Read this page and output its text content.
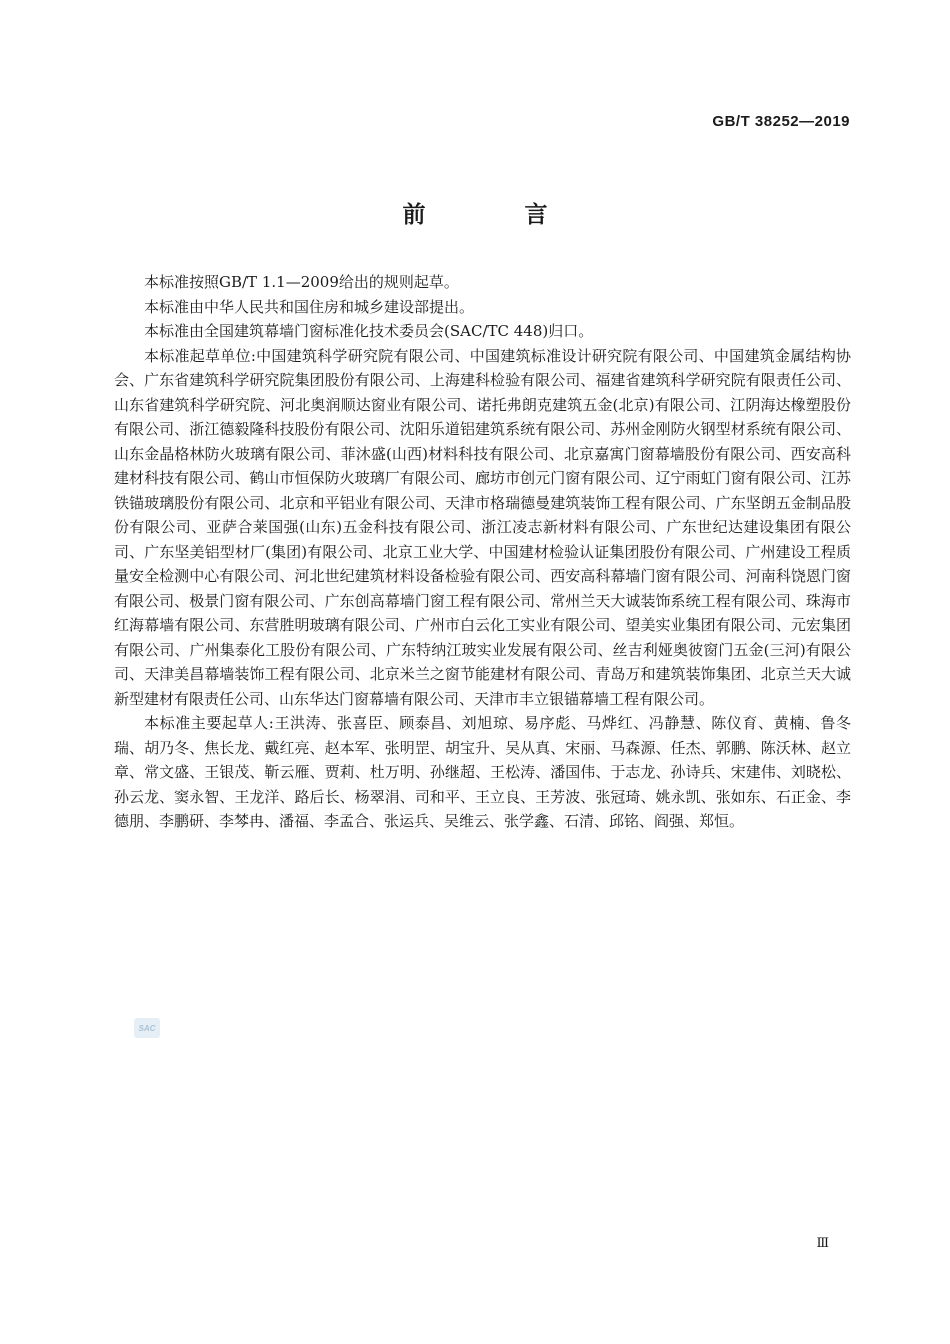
GB/T 38252—2019
前　言

本标准按照GB/T 1.1—2009给出的规则起草。

本标准由中华人民共和国住房和城乡建设部提出。

本标准由全国建筑幕墙门窗标准化技术委员会(SAC/TC 448)归口。

本标准起草单位:中国建筑科学研究院有限公司、中国建筑标准设计研究院有限公司、中国建筑金属结构协会、广东省建筑科学研究院集团股份有限公司、上海建科检验有限公司、福建省建筑科学研究院有限责任公司、山东省建筑科学研究院、河北奥润顺达窗业有限公司、诺托弗朗克建筑五金(北京)有限公司、江阴海达橡塑股份有限公司、浙江德毅隆科技股份有限公司、沈阳乐道铝建筑系统有限公司、苏州金刚防火钢型材系统有限公司、山东金晶格林防火玻璃有限公司、菲沐盛(山西)材料科技有限公司、北京嘉寓门窗幕墙股份有限公司、西安高科建材科技有限公司、鹤山市恒保防火玻璃厂有限公司、廊坊市创元门窗有限公司、辽宁雨虹门窗有限公司、江苏铁锚玻璃股份有限公司、北京和平铝业有限公司、天津市格瑞德曼建筑装饰工程有限公司、广东坚朗五金制品股份有限公司、亚萨合莱国强(山东)五金科技有限公司、浙江凌志新材料有限公司、广东世纪达建设集团有限公司、广东坚美铝型材厂(集团)有限公司、北京工业大学、中国建材检验认证集团股份有限公司、广州建设工程质量安全检测中心有限公司、河北世纪建筑材料设备检验有限公司、西安高科幕墙门窗有限公司、河南科饶恩门窗有限公司、极景门窗有限公司、广东创高幕墙门窗工程有限公司、常州兰天大诚装饰系统工程有限公司、珠海市红海幕墙有限公司、东营胜明玻璃有限公司、广州市白云化工实业有限公司、望美实业集团有限公司、元宏集团有限公司、广州集泰化工股份有限公司、广东特纳江玻实业发展有限公司、丝吉利娅奥彼窗门五金(三河)有限公司、天津美昌幕墙装饰工程有限公司、北京米兰之窗节能建材有限公司、青岛万和建筑装饰集团、北京兰天大诚新型建材有限责任公司、山东华达门窗幕墙有限公司、天津市丰立银锚幕墙工程有限公司。

本标准主要起草人:王洪涛、张喜臣、顾泰昌、刘旭琼、易序彪、马烨红、冯静慧、陈仪育、黄楠、鲁冬瑞、胡乃冬、焦长龙、戴红亮、赵本军、张明罡、胡宝升、吴从真、宋丽、马森源、任杰、郭鹏、陈沃林、赵立章、常文盛、王银茂、靳云雁、贾莉、杜万明、孙继超、王松涛、潘国伟、于志龙、孙诗兵、宋建伟、刘晓松、孙云龙、窦永智、王龙洋、路后长、杨翠涓、司和平、王立良、王芳波、张冠琦、姚永凯、张如东、石正金、李德朋、李鹏研、李棽冉、潘福、李孟合、张运兵、吴维云、张学鑫、石清、邱铭、阎强、郑恒。

SAC
Ⅲ
